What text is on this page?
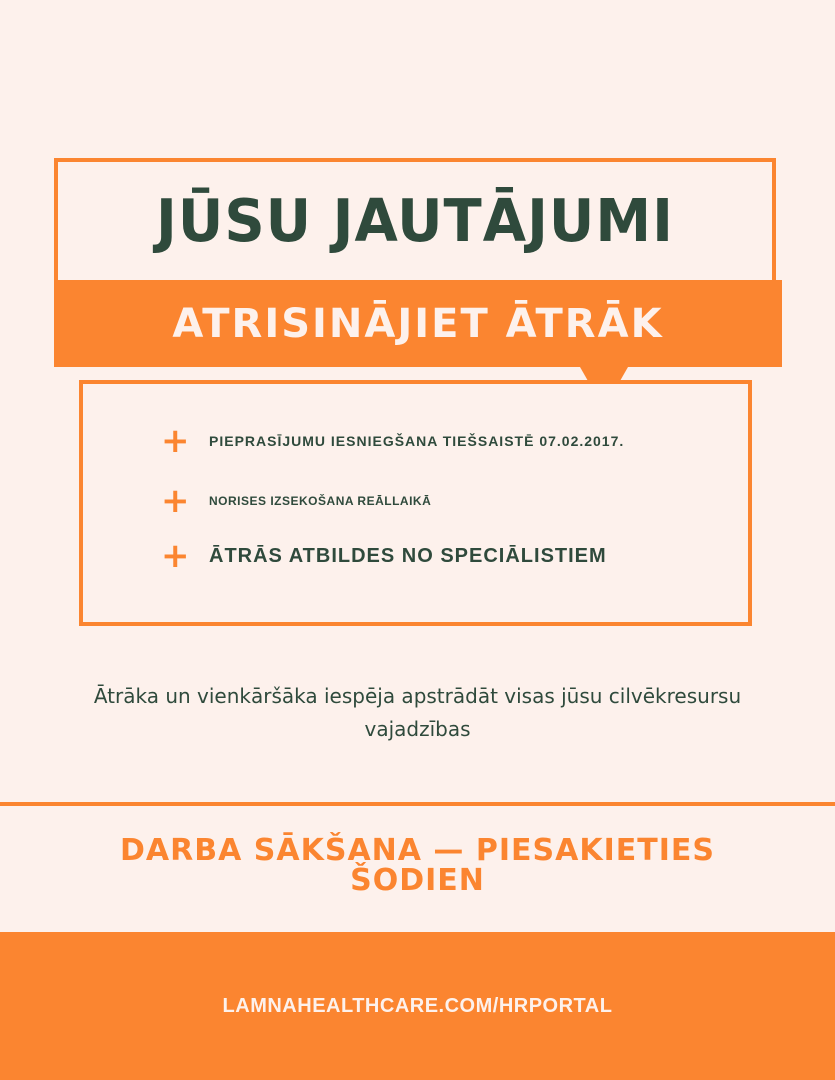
JŪSU JAUTĀJUMI
ATRISINĀJIET ĀTRĀK
+	PIEPRASĪJUMU IESNIEGŠANA TIEŠSAISTĒ 07.02.2017.
+	NORISES IZSEKOŠANA REĀLLAIKĀ
+ ĀTRĀS ATBILDES NO SPECIĀLISTIEM
Ātrāka un vienkāršāka iespēja apstrādāt visas jūsu cilvēkresursu vajadzības
DARBA SĀKŠANA — PIESAKIETIES ŠODIEN
LAMNAHEALTHCARE.COM/HRPORTAL
